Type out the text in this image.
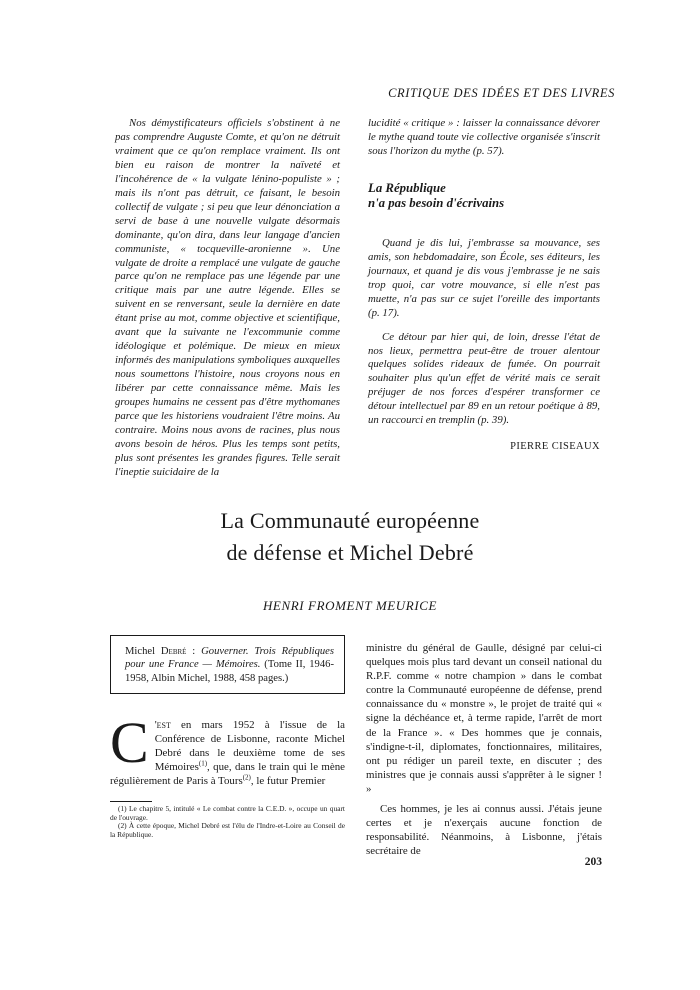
CRITIQUE DES IDÉES ET DES LIVRES

Nos démystificateurs officiels s'obstinent à ne pas comprendre Auguste Comte, et qu'on ne détruit vraiment que ce qu'on remplace vraiment. Ils ont bien eu raison de montrer la naïveté et l'incohérence de « la vulgate lénino-populiste » ; mais ils n'ont pas détruit, ce faisant, le besoin collectif de vulgate ; si peu que leur dénonciation a servi de base à une nouvelle vulgate désormais dominante, qu'on dira, dans leur langage d'ancien communiste, « tocqueville-aronienne ». Une vulgate de droite a remplacé une vulgate de gauche parce qu'on ne remplace pas une légende par une critique mais par une autre légende. Elles se suivent en se renversant, seule la dernière en date étant prise au mot, comme objective et scientifique, avant que la suivante ne l'excommunie comme idéologique et polémique. De mieux en mieux informés des manipulations symboliques auxquelles nous soumettons l'histoire, nous croyons nous en libérer par cette connaissance même. Mais les groupes humains ne cessent pas d'être mythomanes parce que les historiens voudraient l'être moins. Au contraire. Moins nous avons de racines, plus nous avons besoin de héros. Plus les temps sont petits, plus sont présentes les grandes figures. Telle serait l'ineptie suicidaire de la

lucidité « critique » : laisser la connaissance dévorer le mythe quand toute vie collective organisée s'inscrit sous l'horizon du mythe (p. 57).

La République
n'a pas besoin d'écrivains

Quand je dis lui, j'embrasse sa mouvance, ses amis, son hebdomadaire, son École, ses éditeurs, les journaux, et quand je dis vous j'embrasse je ne sais trop quoi, car votre mouvance, si elle n'est pas muette, n'a pas sur ce sujet l'oreille des importants (p. 17).

Ce détour par hier qui, de loin, dresse l'état de nos lieux, permettra peut-être de trouer alentour quelques solides rideaux de fumée. On pourrait souhaiter plus qu'un effet de vérité mais ce serait préjuger de nos forces d'espérer transformer ce détour intellectuel par 89 en un retour poétique à 89, un raccourci en tremplin (p. 39).

PIERRE CISEAUX
La Communauté européenne
de défense et Michel Debré
HENRI FROMENT MEURICE
Michel Debré : Gouverner. Trois Républiques pour une France — Mémoires. (Tome II, 1946-1958, Albin Michel, 1988, 458 pages.)

C 'est en mars 1952 à l'issue de la Conférence de Lisbonne, raconte Michel Debré dans le deuxième tome de ses Mémoires$^{(1)}$, que, dans le train qui le mène régulièrement de Paris à Tours$^{(2)}$, le futur Premier

(1) Le chapitre 5, intitulé « Le combat contre la C.E.D. », occupe un quart de l'ouvrage.

(2) À cette époque, Michel Debré est l'élu de l'Indre-et-Loire au Conseil de la République.

ministre du général de Gaulle, désigné par celui-ci quelques mois plus tard devant un conseil national du R.P.F. comme « notre champion » dans le combat contre la Communauté européenne de défense, prend connaissance du « monstre », le projet de traité qui « signe la déchéance et, à terme rapide, l'arrêt de mort de la France ». « Des hommes que je connais, s'indigne-t-il, diplomates, fonctionnaires, militaires, ont pu rédiger un pareil texte, en discuter ; des ministres que je connais aussi s'apprêter à le signer ! »

Ces hommes, je les ai connus aussi. J'étais jeune certes et je n'exerçais aucune fonction de responsabilité. Néanmoins, à Lisbonne, j'étais secrétaire de

203
